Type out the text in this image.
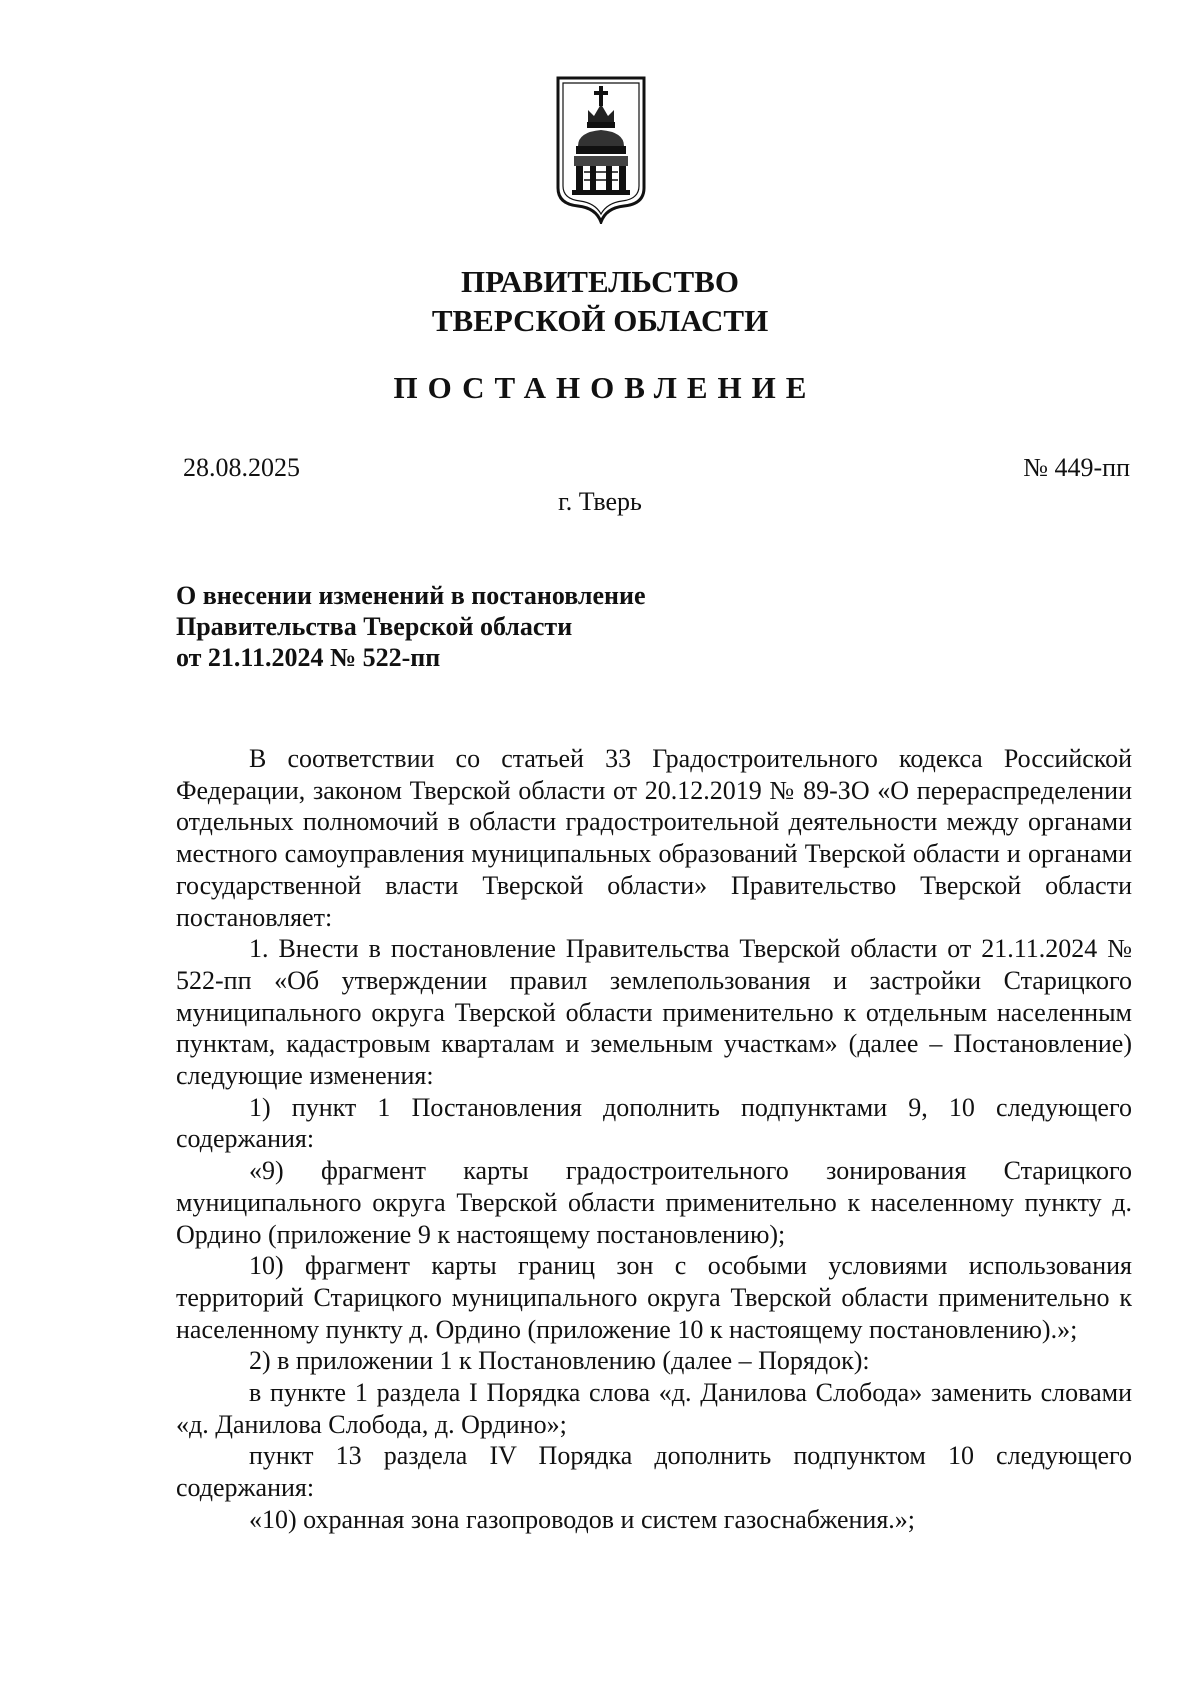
ПРАВИТЕЛЬСТВО
ТВЕРСКОЙ ОБЛАСТИ
ПОСТАНОВЛЕНИЕ
28.08.2025	№ 449-пп
г. Тверь
О внесении изменений в постановление
Правительства Тверской области
от 21.11.2024 № 522-пп

В соответствии со статьей 33 Градостроительного кодекса Российской Федерации, законом Тверской области от 20.12.2019 № 89-ЗО «О перераспределении отдельных полномочий в области градостроительной деятельности между органами местного самоуправления муниципальных образований Тверской области и органами государственной власти Тверской области» Правительство Тверской области постановляет:

1. Внести в постановление Правительства Тверской области от 21.11.2024 № 522-пп «Об утверждении правил землепользования и застройки Старицкого муниципального округа Тверской области применительно к отдельным населенным пунктам, кадастровым кварталам и земельным участкам» (далее – Постановление) следующие изменения:

1) пункт 1 Постановления дополнить подпунктами 9, 10 следующего содержания:

«9) фрагмент карты градостроительного зонирования Старицкого муниципального округа Тверской области применительно к населенному пункту д. Ордино (приложение 9 к настоящему постановлению);

10) фрагмент карты границ зон с особыми условиями использования территорий Старицкого муниципального округа Тверской области применительно к населенному пункту д. Ордино (приложение 10 к настоящему постановлению).»;

2) в приложении 1 к Постановлению (далее – Порядок):

в пункте 1 раздела I Порядка слова «д. Данилова Слобода» заменить словами «д. Данилова Слобода, д. Ордино»;

пункт 13 раздела IV Порядка дополнить подпунктом 10 следующего содержания:

«10) охранная зона газопроводов и систем газоснабжения.»;
